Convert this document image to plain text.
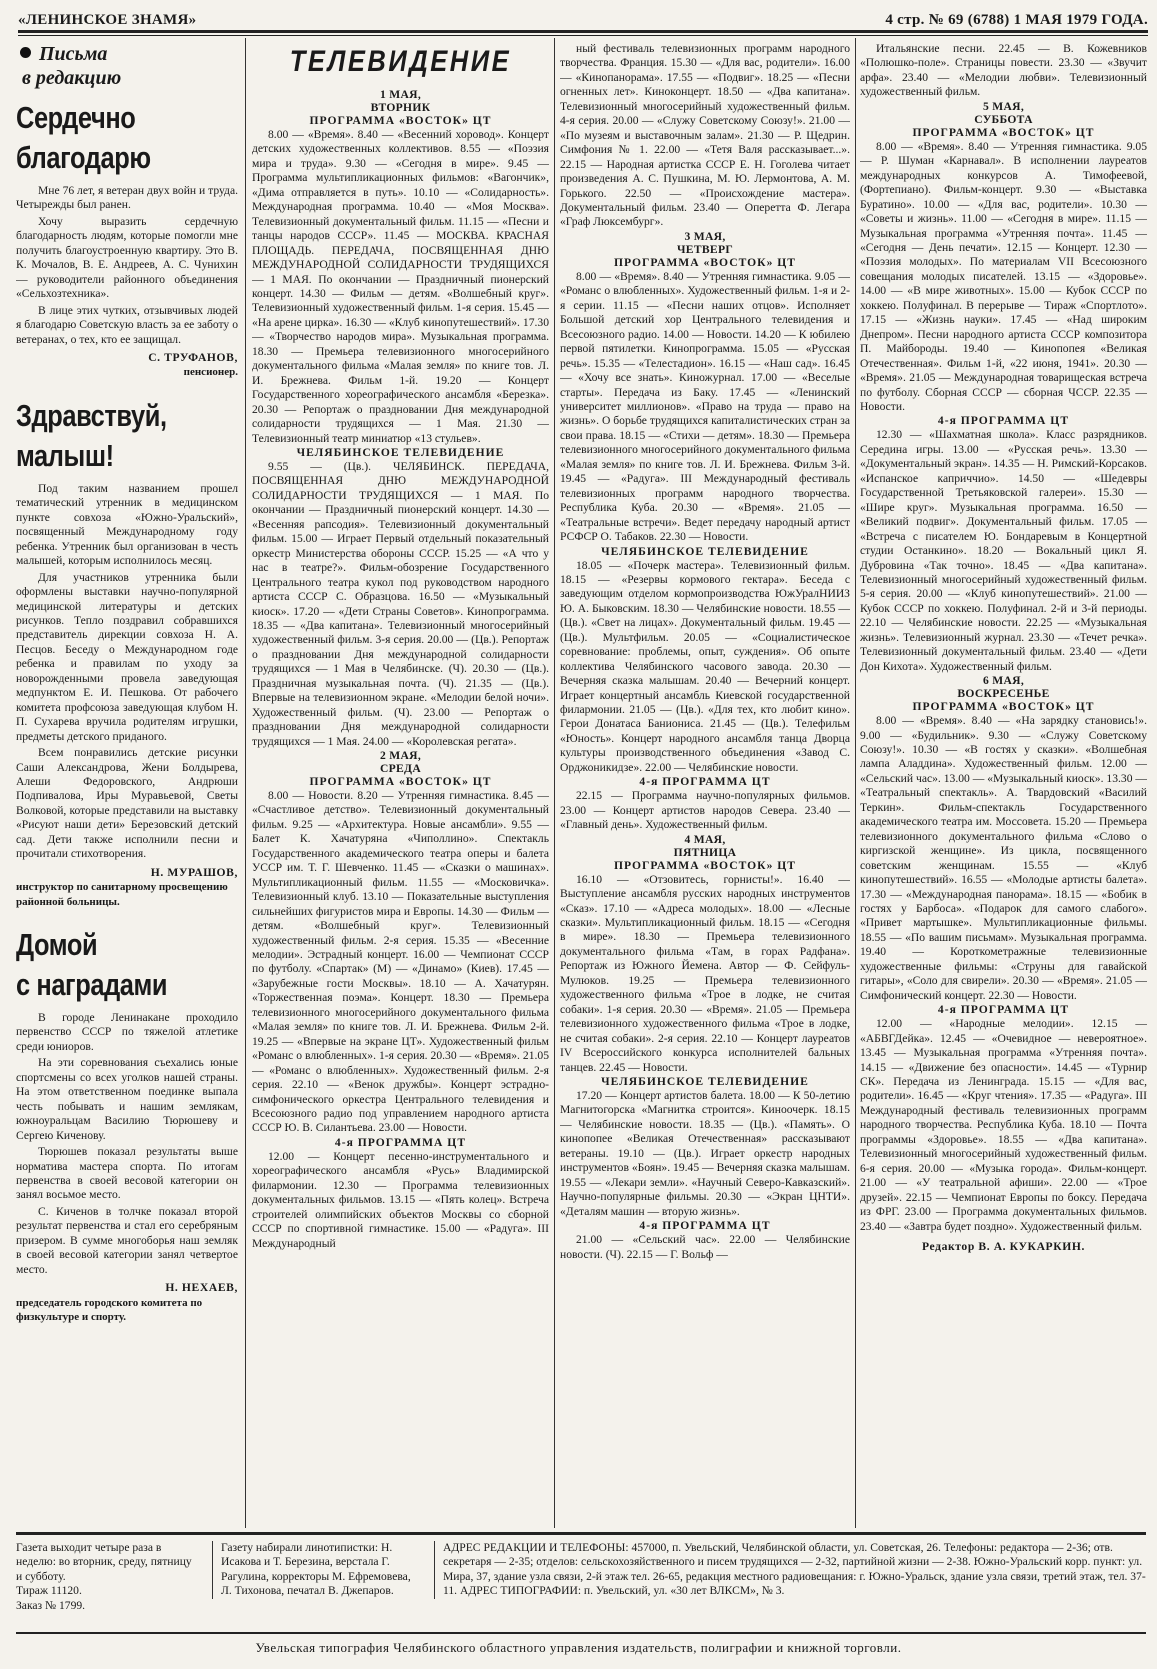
«ЛЕНИНСКОЕ ЗНАМЯ»	4 стр. № 69 (6788) 1 МАЯ 1979 ГОДА.
Письма
в редакцию
Сердечно
благодарю

Мне 76 лет, я ветеран двух войн и труда. Четырежды был ранен.

Хочу выразить сердечную благодарность людям, которые помогли мне получить благоустроенную квартиру. Это В. К. Мочалов, В. Е. Андреев, А. С. Чунихин — руководители районного объединения «Сельхозтехника».

В лице этих чутких, отзывчивых людей я благодарю Советскую власть за ее заботу о ветеранах, о тех, кто ее защищал.

С. ТРУФАНОВ,
пенсионер.
Здравствуй,
малыш!

Под таким названием прошел тематический утренник в медицинском пункте совхоза «Южно-Уральский», посвященный Международному году ребенка. Утренник был организован в честь малышей, которым исполнилось месяц.

Для участников утренника были оформлены выставки научно-популярной медицинской литературы и детских рисунков. Тепло поздравил собравшихся представитель дирекции совхоза Н. А. Песцов. Беседу о Международном годе ребенка и правилам по уходу за новорожденными провела заведующая медпунктом Е. И. Пешкова. От рабочего комитета профсоюза заведующая клубом Н. П. Сухарева вручила родителям игрушки, предметы детского приданого.

Всем понравились детские рисунки Саши Александрова, Жени Болдырева, Алеши Федоровского, Андрюши Подпивалова, Иры Муравьевой, Светы Волковой, которые представили на выставку «Рисуют наши дети» Березовский детский сад. Дети также исполнили песни и прочитали стихотворения.

Н. МУРАШОВ,
инструктор по санитарному просвещению районной больницы.
Домой
с наградами

В городе Ленинакане проходило первенство СССР по тяжелой атлетике среди юниоров.

На эти соревнования съехались юные спортсмены со всех уголков нашей страны. На этом ответственном поединке выпала честь побывать и нашим землякам, южноуральцам Василию Тюрюшеву и Сергею Киченову.

Тюрюшев показал результаты выше норматива мастера спорта. По итогам первенства в своей весовой категории он занял восьмое место.

С. Киченов в толчке показал второй результат первенства и стал его серебряным призером. В сумме многоборья наш земляк в своей весовой категории занял четвертое место.

Н. НЕХАЕВ,
председатель городского комитета по физкультуре и спорту.
ТЕЛЕВИДЕНИЕ
1 МАЯ,
ВТОРНИК
ПРОГРАММА «ВОСТОК» ЦТ

8.00 — «Время». 8.40 — «Весенний хоровод». Концерт детских художественных коллективов. 8.55 — «Поэзия мира и труда». 9.30 — «Сегодня в мире». 9.45 — Программа мультипликационных фильмов: «Вагончик», «Дима отправляется в путь». 10.10 — «Солидарность». Международная программа. 10.40 — «Моя Москва». Телевизионный документальный фильм. 11.15 — «Песни и танцы народов СССР». 11.45 — МОСКВА. КРАСНАЯ ПЛОЩАДЬ. ПЕРЕДАЧА, ПОСВЯЩЕННАЯ ДНЮ МЕЖДУНАРОДНОЙ СОЛИДАРНОСТИ ТРУДЯЩИХСЯ — 1 МАЯ. По окончании — Праздничный пионерский концерт. 14.30 — Фильм — детям. «Волшебный круг». Телевизионный художественный фильм. 1-я серия. 15.45 — «На арене цирка». 16.30 — «Клуб кинопутешествий». 17.30 — «Творчество народов мира». Музыкальная программа. 18.30 — Премьера телевизионного многосерийного документального фильма «Малая земля» по книге тов. Л. И. Брежнева. Фильм 1-й. 19.20 — Концерт Государственного хореографического ансамбля «Березка». 20.30 — Репортаж о праздновании Дня международной солидарности трудящихся — 1 Мая. 21.30 — Телевизионный театр миниатюр «13 стульев».

ЧЕЛЯБИНСКОЕ ТЕЛЕВИДЕНИЕ

9.55 — (Цв.). ЧЕЛЯБИНСК. ПЕРЕДАЧА, ПОСВЯЩЕННАЯ ДНЮ МЕЖДУНАРОДНОЙ СОЛИДАРНОСТИ ТРУДЯЩИХСЯ — 1 МАЯ. По окончании — Праздничный пионерский концерт. 14.30 — «Весенняя рапсодия». Телевизионный документальный фильм. 15.00 — Играет Первый отдельный показательный оркестр Министерства обороны СССР. 15.25 — «А что у нас в театре?». Фильм-обозрение Государственного Центрального театра кукол под руководством народного артиста СССР С. Образцова. 16.50 — «Музыкальный киоск». 17.20 — «Дети Страны Советов». Кинопрограмма. 18.35 — «Два капитана». Телевизионный многосерийный художественный фильм. 3-я серия. 20.00 — (Цв.). Репортаж о праздновании Дня международной солидарности трудящихся — 1 Мая в Челябинске. (Ч). 20.30 — (Цв.). Праздничная музыкальная почта. (Ч). 21.35 — (Цв.). Впервые на телевизионном экране. «Мелодии белой ночи». Художественный фильм. (Ч). 23.00 — Репортаж о праздновании Дня международной солидарности трудящихся — 1 Мая. 24.00 — «Королевская регата».

2 МАЯ,
СРЕДА
ПРОГРАММА «ВОСТОК» ЦТ

8.00 — Новости. 8.20 — Утренняя гимнастика. 8.45 — «Счастливое детство». Телевизионный документальный фильм. 9.25 — «Архитектура. Новые ансамбли». 9.55 — Балет К. Хачатуряна «Чиполлино». Спектакль Государственного академического театра оперы и балета УССР им. Т. Г. Шевченко. 11.45 — «Сказки о машинах». Мультипликационный фильм. 11.55 — «Московичка». Телевизионный клуб. 13.10 — Показательные выступления сильнейших фигуристов мира и Европы. 14.30 — Фильм — детям. «Волшебный круг». Телевизионный художественный фильм. 2-я серия. 15.35 — «Весенние мелодии». Эстрадный концерт. 16.00 — Чемпионат СССР по футболу. «Спартак» (М) — «Динамо» (Киев). 17.45 — «Зарубежные гости Москвы». 18.10 — А. Хачатурян. «Торжественная поэма». Концерт. 18.30 — Премьера телевизионного многосерийного документального фильма «Малая земля» по книге тов. Л. И. Брежнева. Фильм 2-й. 19.25 — «Впервые на экране ЦТ». Художественный фильм «Романс о влюбленных». 1-я серия. 20.30 — «Время». 21.05 — «Романс о влюбленных». Художественный фильм. 2-я серия. 22.10 — «Венок дружбы». Концерт эстрадно-симфонического оркестра Центрального телевидения и Всесоюзного радио под управлением народного артиста СССР Ю. В. Силантьева. 23.00 — Новости.

4-я ПРОГРАММА ЦТ

12.00 — Концерт песенно-инструментального и хореографического ансамбля «Русь» Владимирской филармонии. 12.30 — Программа телевизионных документальных фильмов. 13.15 — «Пять колец». Встреча строителей олимпийских объектов Москвы со сборной СССР по спортивной гимнастике. 15.00 — «Радуга». III Международный

ный фестиваль телевизионных программ народного творчества. Франция. 15.30 — «Для вас, родители». 16.00 — «Кинопанорама». 17.55 — «Подвиг». 18.25 — «Песни огненных лет». Киноконцерт. 18.50 — «Два капитана». Телевизионный многосерийный художественный фильм. 4-я серия. 20.00 — «Служу Советскому Союзу!». 21.00 — «По музеям и выставочным залам». 21.30 — Р. Щедрин. Симфония № 1. 22.00 — «Тетя Валя рассказывает...». 22.15 — Народная артистка СССР Е. Н. Гоголева читает произведения А. С. Пушкина, М. Ю. Лермонтова, А. М. Горького. 22.50 — «Происхождение мастера». Документальный фильм. 23.40 — Оперетта Ф. Легара «Граф Люксембург».

3 МАЯ,
ЧЕТВЕРГ
ПРОГРАММА «ВОСТОК» ЦТ

8.00 — «Время». 8.40 — Утренняя гимнастика. 9.05 — «Романс о влюбленных». Художественный фильм. 1-я и 2-я серии. 11.15 — «Песни наших отцов». Исполняет Большой детский хор Центрального телевидения и Всесоюзного радио. 14.00 — Новости. 14.20 — К юбилею первой пятилетки. Кинопрограмма. 15.05 — «Русская речь». 15.35 — «Телестадион». 16.15 — «Наш сад». 16.45 — «Хочу все знать». Киножурнал. 17.00 — «Веселые старты». Передача из Баку. 17.45 — «Ленинский университет миллионов». «Право на труда — право на жизнь». О борьбе трудящихся капиталистических стран за свои права. 18.15 — «Стихи — детям». 18.30 — Премьера телевизионного многосерийного документального фильма «Малая земля» по книге тов. Л. И. Брежнева. Фильм 3-й. 19.45 — «Радуга». III Международный фестиваль телевизионных программ народного творчества. Республика Куба. 20.30 — «Время». 21.05 — «Театральные встречи». Ведет передачу народный артист РСФСР О. Табаков. 22.30 — Новости.

ЧЕЛЯБИНСКОЕ ТЕЛЕВИДЕНИЕ

18.05 — «Почерк мастера». Телевизионный фильм. 18.15 — «Резервы кормового гектара». Беседа с заведующим отделом кормопроизводства ЮжУралНИИЗ Ю. А. Быковским. 18.30 — Челябинские новости. 18.55 — (Цв.). «Свет на лицах». Документальный фильм. 19.45 — (Цв.). Мультфильм. 20.05 — «Социалистическое соревнование: проблемы, опыт, суждения». Об опыте коллектива Челябинского часового завода. 20.30 — Вечерняя сказка малышам. 20.40 — Вечерний концерт. Играет концертный ансамбль Киевской государственной филармонии. 21.05 — (Цв.). «Для тех, кто любит кино». Герои Донатаса Баниониса. 21.45 — (Цв.). Телефильм «Юность». Концерт народного ансамбля танца Дворца культуры производственного объединения «Завод С. Орджоникидзе». 22.00 — Челябинские новости.

4-я ПРОГРАММА ЦТ

22.15 — Программа научно-популярных фильмов. 23.00 — Концерт артистов народов Севера. 23.40 — «Главный день». Художественный фильм.

4 МАЯ,
ПЯТНИЦА
ПРОГРАММА «ВОСТОК» ЦТ

16.10 — «Отзовитесь, горнисты!». 16.40 — Выступление ансамбля русских народных инструментов «Сказ». 17.10 — «Адреса молодых». 18.00 — «Лесные сказки». Мультипликационный фильм. 18.15 — «Сегодня в мире». 18.30 — Премьера телевизионного документального фильма «Там, в горах Радфана». Репортаж из Южного Йемена. Автор — Ф. Сейфуль-Мулюков. 19.25 — Премьера телевизионного художественного фильма «Трое в лодке, не считая собаки». 1-я серия. 20.30 — «Время». 21.05 — Премьера телевизионного художественного фильма «Трое в лодке, не считая собаки». 2-я серия. 22.10 — Концерт лауреатов IV Всероссийского конкурса исполнителей бальных танцев. 22.45 — Новости.

ЧЕЛЯБИНСКОЕ ТЕЛЕВИДЕНИЕ

17.20 — Концерт артистов балета. 18.00 — К 50-летию Магнитогорска «Магнитка строится». Киноочерк. 18.15 — Челябинские новости. 18.35 — (Цв.). «Память». О кинопопее «Великая Отечественная» рассказывают ветераны. 19.10 — (Цв.). Играет оркестр народных инструментов «Боян». 19.45 — Вечерняя сказка малышам. 19.55 — «Лекари земли». «Научный Северо-Кавказский». Научно-популярные фильмы. 20.30 — «Экран ЦНТИ». «Деталям машин — вторую жизнь».

4-я ПРОГРАММА ЦТ

21.00 — «Сельский час». 22.00 — Челябинские новости. (Ч). 22.15 — Г. Вольф —

Итальянские песни. 22.45 — В. Кожевников «Полюшко-поле». Страницы повести. 23.30 — «Звучит арфа». 23.40 — «Мелодии любви». Телевизионный художественный фильм.

5 МАЯ,
СУББОТА
ПРОГРАММА «ВОСТОК» ЦТ

8.00 — «Время». 8.40 — Утренняя гимнастика. 9.05 — Р. Шуман «Карнавал». В исполнении лауреатов международных конкурсов А. Тимофеевой, (Фортепиано). Фильм-концерт. 9.30 — «Выставка Буратино». 10.00 — «Для вас, родители». 10.30 — «Советы и жизнь». 11.00 — «Сегодня в мире». 11.15 — Музыкальная программа «Утренняя почта». 11.45 — «Сегодня — День печати». 12.15 — Концерт. 12.30 — «Поэзия молодых». По материалам VII Всесоюзного совещания молодых писателей. 13.15 — «Здоровье». 14.00 — «В мире животных». 15.00 — Кубок СССР по хоккею. Полуфинал. В перерыве — Тираж «Спортлото». 17.15 — «Жизнь науки». 17.45 — «Над широким Днепром». Песни народного артиста СССР композитора П. Майбороды. 19.40 — Кинопопея «Великая Отечественная». Фильм 1-й, «22 июня, 1941». 20.30 — «Время». 21.05 — Международная товарищеская встреча по футболу. Сборная СССР — сборная ЧССР. 22.35 — Новости.

4-я ПРОГРАММА ЦТ

12.30 — «Шахматная школа». Класс разрядников. Середина игры. 13.00 — «Русская речь». 13.30 — «Документальный экран». 14.35 — Н. Римский-Корсаков. «Испанское каприччио». 14.50 — «Шедевры Государственной Третьяковской галереи». 15.30 — «Шире круг». Музыкальная программа. 16.50 — «Великий подвиг». Документальный фильм. 17.05 — «Встреча с писателем Ю. Бондаревым в Концертной студии Останкино». 18.20 — Вокальный цикл Я. Дубровина «Так точно». 18.45 — «Два капитана». Телевизионный многосерийный художественный фильм. 5-я серия. 20.00 — «Клуб кинопутешествий». 21.00 — Кубок СССР по хоккею. Полуфинал. 2-й и 3-й периоды. 22.10 — Челябинские новости. 22.25 — «Музыкальная жизнь». Телевизионный журнал. 23.30 — «Течет речка». Телевизионный документальный фильм. 23.40 — «Дети Дон Кихота». Художественный фильм.

6 МАЯ,
ВОСКРЕСЕНЬЕ
ПРОГРАММА «ВОСТОК» ЦТ

8.00 — «Время». 8.40 — «На зарядку становись!». 9.00 — «Будильник». 9.30 — «Служу Советскому Союзу!». 10.30 — «В гостях у сказки». «Волшебная лампа Аладдина». Художественный фильм. 12.00 — «Сельский час». 13.00 — «Музыкальный киоск». 13.30 — «Театральный спектакль». А. Твардовский «Василий Теркин». Фильм-спектакль Государственного академического театра им. Моссовета. 15.20 — Премьера телевизионного документального фильма «Слово о киргизской женщине». Из цикла, посвященного советским женщинам. 15.55 — «Клуб кинопутешествий». 16.55 — «Молодые артисты балета». 17.30 — «Международная панорама». 18.15 — «Бобик в гостях у Барбоса». «Подарок для самого слабого». «Привет мартышке». Мультипликационные фильмы. 18.55 — «По вашим письмам». Музыкальная программа. 19.40 — Короткометражные телевизионные художественные фильмы: «Струны для гавайской гитары», «Соло для свирели». 20.30 — «Время». 21.05 — Симфонический концерт. 22.30 — Новости.

4-я ПРОГРАММА ЦТ

12.00 — «Народные мелодии». 12.15 — «АБВГДейка». 12.45 — «Очевидное — невероятное». 13.45 — Музыкальная программа «Утренняя почта». 14.15 — «Движение без опасности». 14.45 — «Турнир СК». Передача из Ленинграда. 15.15 — «Для вас, родители». 16.45 — «Круг чтения». 17.35 — «Радуга». III Международный фестиваль телевизионных программ народного творчества. Республика Куба. 18.10 — Почта программы «Здоровье». 18.55 — «Два капитана». Телевизионный многосерийный художественный фильм. 6-я серия. 20.00 — «Музыка города». Фильм-концерт. 21.00 — «У театральной афиши». 22.00 — «Трое друзей». 22.15 — Чемпионат Европы по боксу. Передача из ФРГ. 23.00 — Программа документальных фильмов. 23.40 — «Завтра будет поздно». Художественный фильм.

Редактор В. А. КУКАРКИН.
Газета выходит четыре раза в неделю: во вторник, среду, пятницу и субботу.
Тираж 11120.
Заказ № 1799.
Газету набирали линотипистки: Н. Исакова и Т. Березина, верстала Г. Рагулина, корректоры М. Ефремовева, Л. Тихонова, печатал В. Джепаров.
АДРЕС РЕДАКЦИИ И ТЕЛЕФОНЫ: 457000, п. Увельский, Челябинской области, ул. Советская, 26. Телефоны: редактора — 2-36; отв. секретаря — 2-35; отделов: сельскохозяйственного и писем трудящихся — 2-32, партийной жизни — 2-38. Южно-Уральский корр. пункт: ул. Мира, 37, здание узла связи, 2-й этаж тел. 26-65, редакция местного радиовещания: г. Южно-Уральск, здание узла связи, третий этаж, тел. 37-11. АДРЕС ТИПОГРАФИИ: п. Увельский, ул. «30 лет ВЛКСМ», № 3.
Увельская типография Челябинского областного управления издательств, полиграфии и книжной торговли.
